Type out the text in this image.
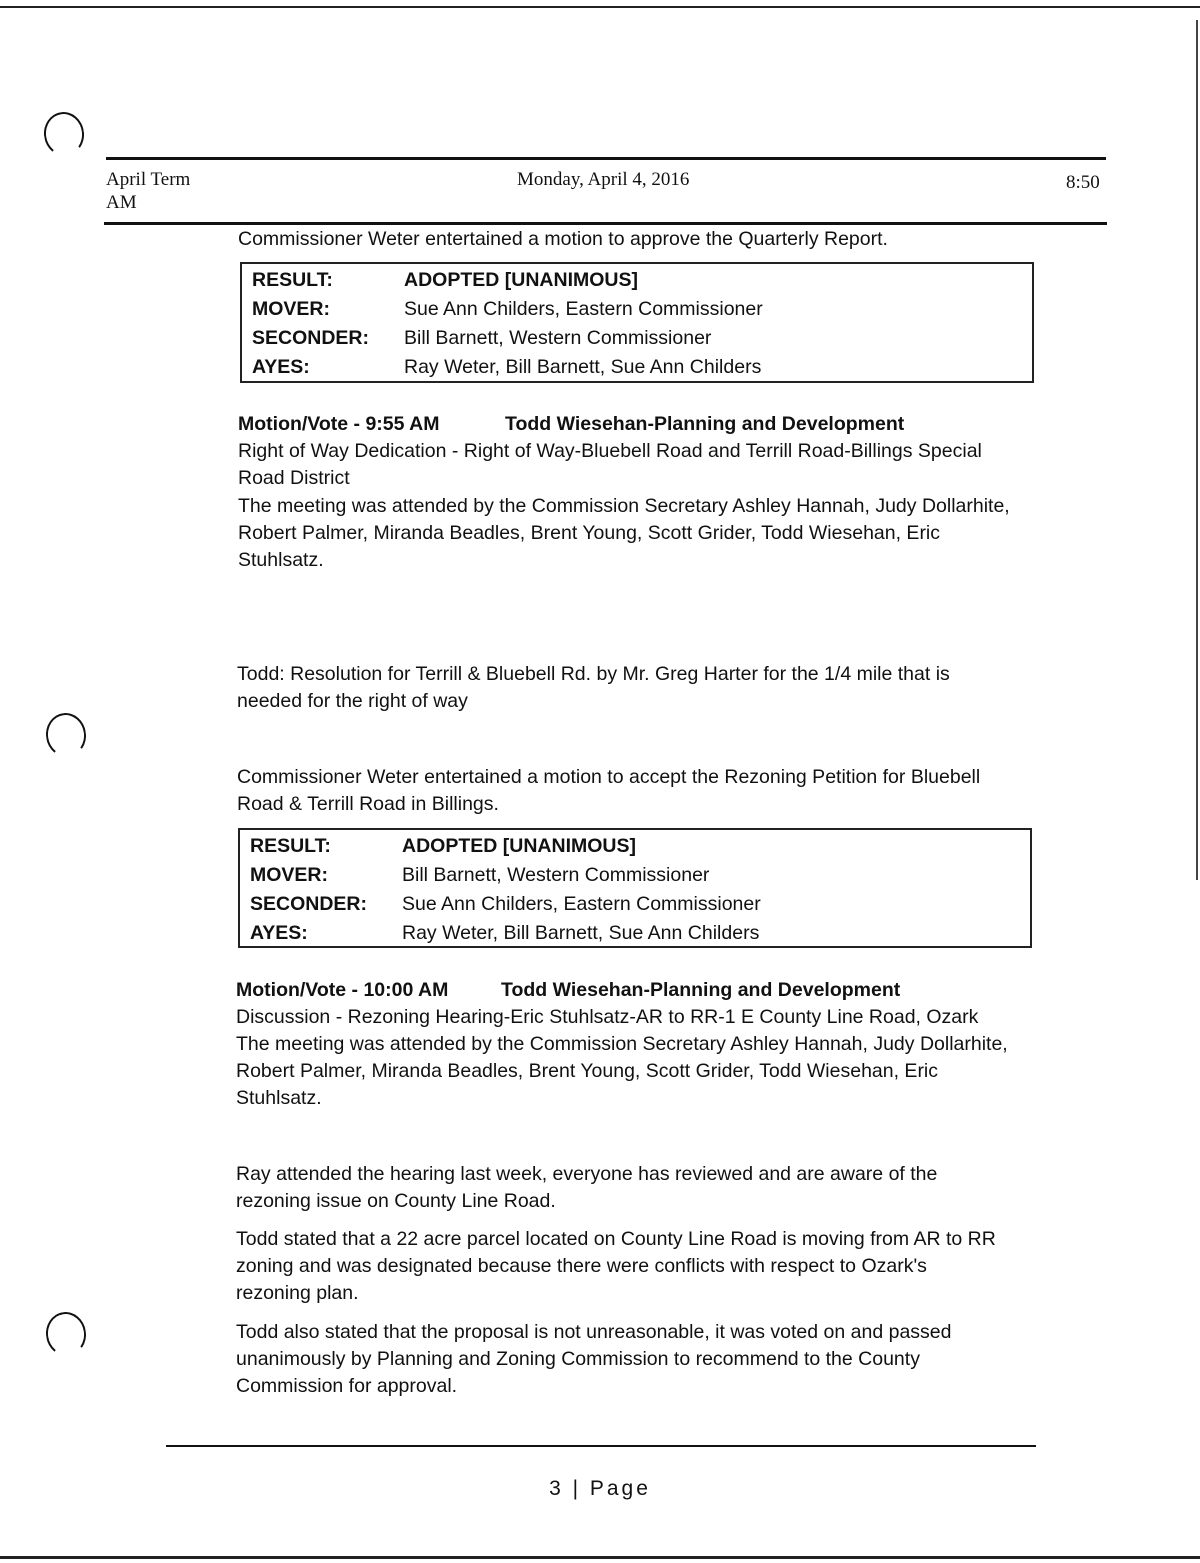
April Term
AM
Monday, April 4, 2016	8:50
Commissioner Weter entertained a motion to approve the Quarterly Report.
RESULT:	ADOPTED [UNANIMOUS]
MOVER:	Sue Ann Childers, Eastern Commissioner
SECONDER: Bill Barnett, Western Commissioner
AYES:	Ray Weter, Bill Barnett, Sue Ann Childers
Motion/Vote - 9:55 AM	Todd Wiesehan-Planning and Development
Right of Way Dedication - Right of Way-Bluebell Road and Terrill Road-Billings Special
Road District
The meeting was attended by the Commission Secretary Ashley Hannah, Judy Dollarhite,
Robert Palmer, Miranda Beadles, Brent Young, Scott Grider, Todd Wiesehan, Eric
Stuhlsatz.
Todd: Resolution for Terrill & Bluebell Rd. by Mr. Greg Harter for the 1/4 mile that is
needed for the right of way
Commissioner Weter entertained a motion to accept the Rezoning Petition for Bluebell
Road & Terrill Road in Billings.
RESULT:	ADOPTED [UNANIMOUS]
MOVER:	Bill Barnett, Western Commissioner
SECONDER: Sue Ann Childers, Eastern Commissioner
AYES:	Ray Weter, Bill Barnett, Sue Ann Childers
Motion/Vote - 10:00 AM	Todd Wiesehan-Planning and Development
Discussion - Rezoning Hearing-Eric Stuhlsatz-AR to RR-1 E County Line Road, Ozark
The meeting was attended by the Commission Secretary Ashley Hannah, Judy Dollarhite,
Robert Palmer, Miranda Beadles, Brent Young, Scott Grider, Todd Wiesehan, Eric
Stuhlsatz.
Ray attended the hearing last week, everyone has reviewed and are aware of the
rezoning issue on County Line Road.
Todd stated that a 22 acre parcel located on County Line Road is moving from AR to RR
zoning and was designated because there were conflicts with respect to Ozark's
rezoning plan.
Todd also stated that the proposal is not unreasonable, it was voted on and passed
unanimously by Planning and Zoning Commission to recommend to the County
Commission for approval.
3 | Page
